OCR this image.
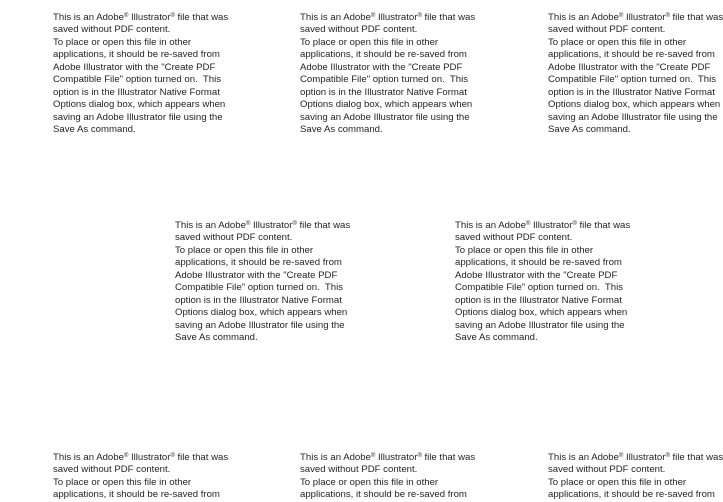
This is an Adobe® Illustrator® file that was
saved without PDF content.
To place or open this file in other
applications, it should be re-saved from
Adobe Illustrator with the "Create PDF
Compatible File" option turned on.  This
option is in the Illustrator Native Format
Options dialog box, which appears when
saving an Adobe Illustrator file using the
Save As command.
This is an Adobe® Illustrator® file that was
saved without PDF content.
To place or open this file in other
applications, it should be re-saved from
Adobe Illustrator with the "Create PDF
Compatible File" option turned on.  This
option is in the Illustrator Native Format
Options dialog box, which appears when
saving an Adobe Illustrator file using the
Save As command.
This is an Adobe® Illustrator® file that was
saved without PDF content.
To place or open this file in other
applications, it should be re-saved from
Adobe Illustrator with the "Create PDF
Compatible File" option turned on.  This
option is in the Illustrator Native Format
Options dialog box, which appears when
saving an Adobe Illustrator file using the
Save As command.
This is an Adobe® Illustrator® file that was
saved without PDF content.
To place or open this file in other
applications, it should be re-saved from
Adobe Illustrator with the "Create PDF
Compatible File" option turned on.  This
option is in the Illustrator Native Format
Options dialog box, which appears when
saving an Adobe Illustrator file using the
Save As command.
This is an Adobe® Illustrator® file that was
saved without PDF content.
To place or open this file in other
applications, it should be re-saved from
Adobe Illustrator with the "Create PDF
Compatible File" option turned on.  This
option is in the Illustrator Native Format
Options dialog box, which appears when
saving an Adobe Illustrator file using the
Save As command.
This is an Adobe® Illustrator® file that was
saved without PDF content.
To place or open this file in other
applications, it should be re-saved from
This is an Adobe® Illustrator® file that was
saved without PDF content.
To place or open this file in other
applications, it should be re-saved from
This is an Adobe® Illustrator® file that was
saved without PDF content.
To place or open this file in other
applications, it should be re-saved from
